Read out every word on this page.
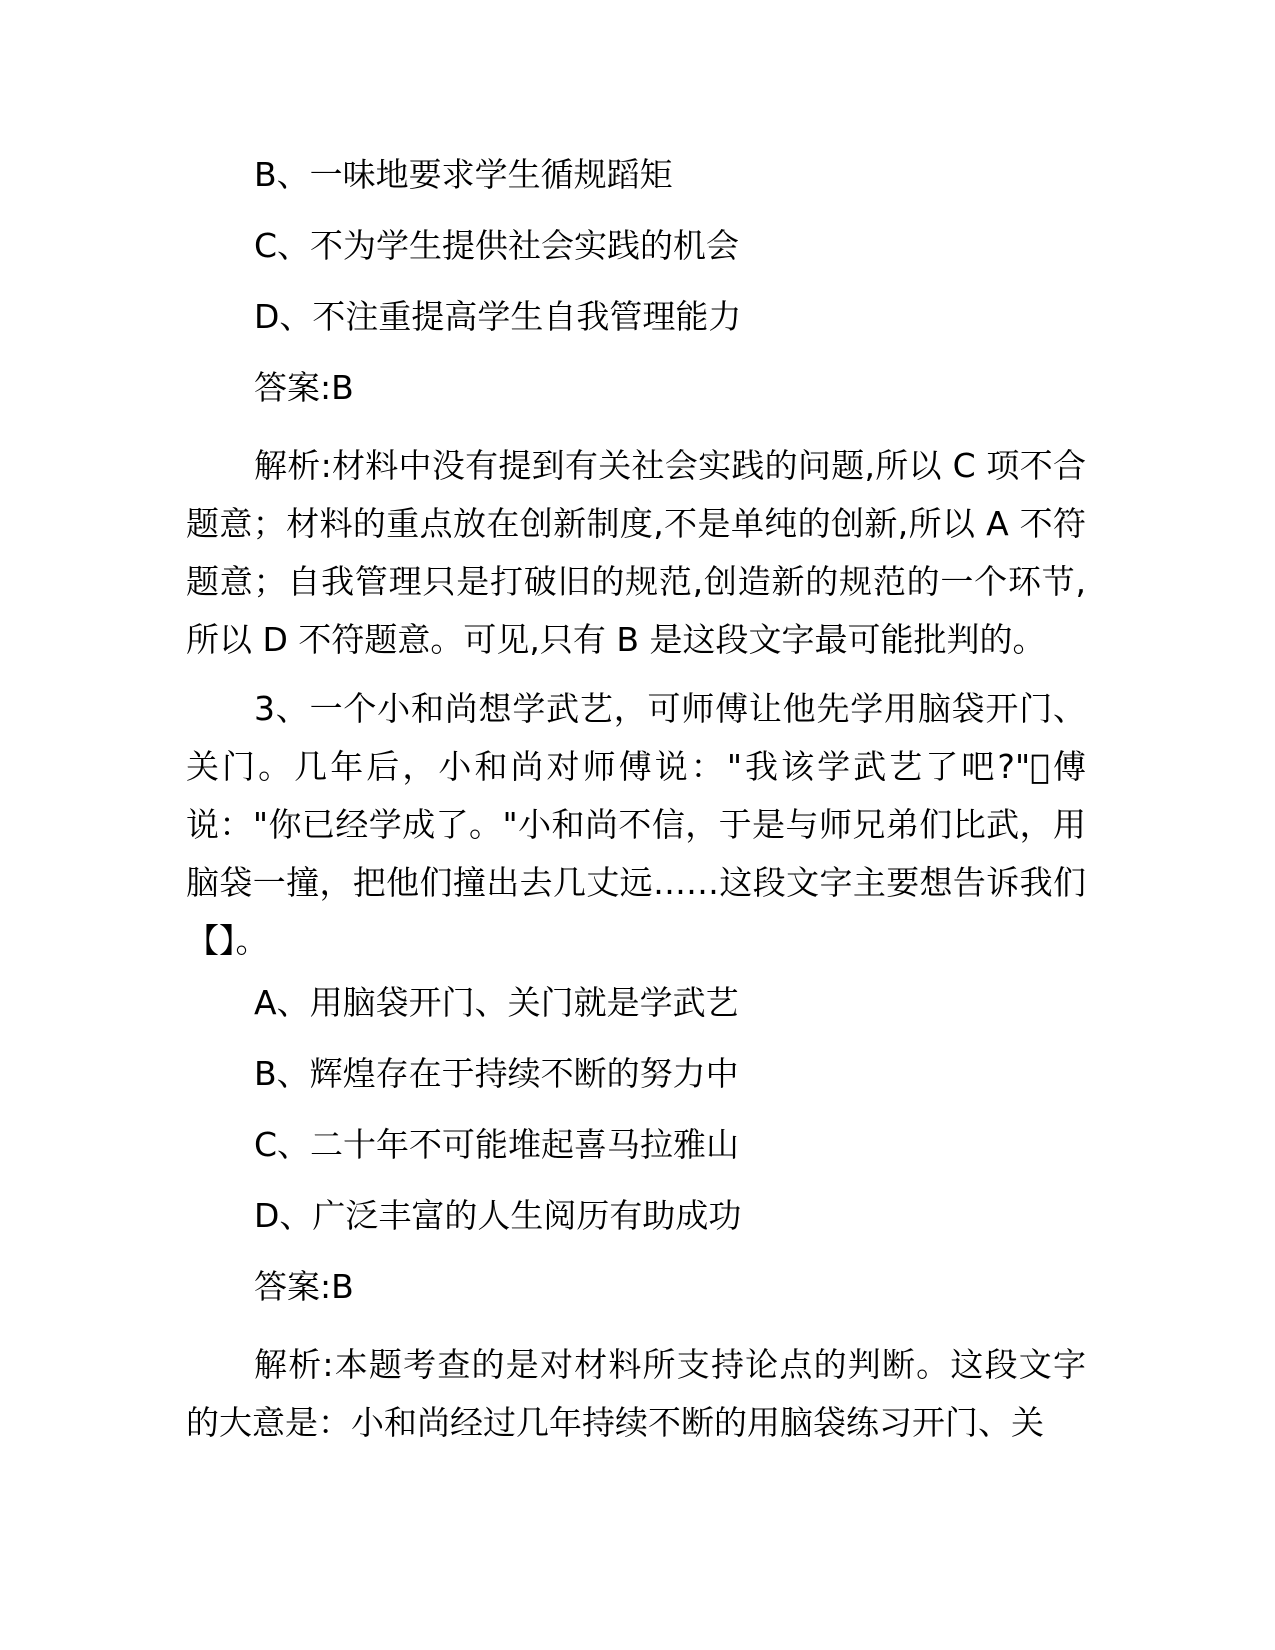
B、一味地要求学生循规蹈矩

C、不为学生提供社会实践的机会

D、不注重提高学生自我管理能力

答案:B

解析:材料中没有提到有关社会实践的问题,所以 C 项不合题意；材料的重点放在创新制度,不是单纯的创新,所以 A 不符题意；自我管理只是打破旧的规范,创造新的规范的一个环节,所以 D 不符题意。可见,只有 B 是这段文字最可能批判的。

3、一个小和尚想学武艺，可师傅让他先学用脑袋开门、关门。几年后，小和尚对师傅说："我该学武艺了吧?" 傅说："你已经学成了。"小和尚不信，于是与师兄弟们比武，用脑袋一撞，把他们撞出去几丈远……这段文字主要想告诉我们【】。

A、用脑袋开门、关门就是学武艺

B、辉煌存在于持续不断的努力中

C、二十年不可能堆起喜马拉雅山

D、广泛丰富的人生阅历有助成功

答案:B

解析:本题考查的是对材料所支持论点的判断。这段文字的大意是：小和尚经过几年持续不断的用脑袋练习开门、关
